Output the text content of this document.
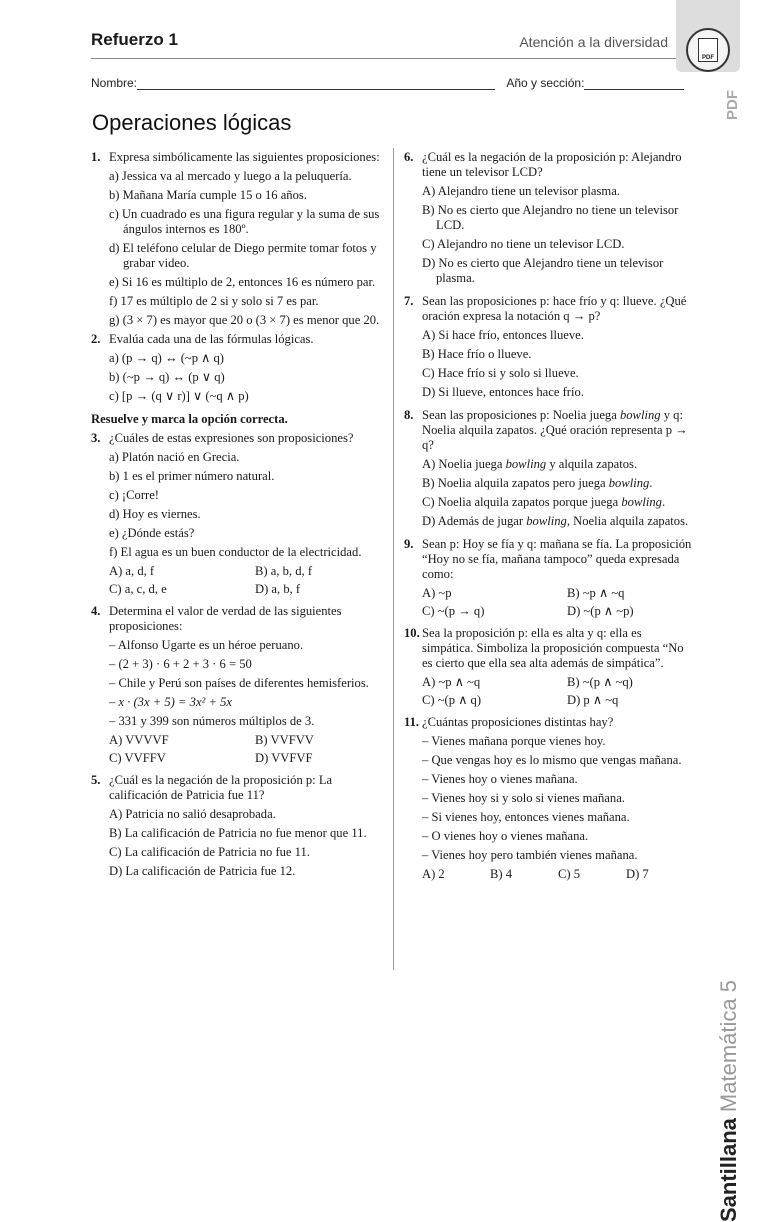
Refuerzo 1	Atención a la diversidad
PDF
PDF
Nombre:	Año y sección:
Operaciones lógicas
1. Expresa simbólicamente las siguientes proposiciones:
a) Jessica va al mercado y luego a la peluquería.
b) Mañana María cumple 15 o 16 años.
c) Un cuadrado es una figura regular y la suma de sus ángulos internos es 180º.
d) El teléfono celular de Diego permite tomar fotos y grabar video.
e) Si 16 es múltiplo de 2, entonces 16 es número par.
f) 17 es múltiplo de 2 si y solo si 7 es par.
g) (3 × 7) es mayor que 20 o (3 × 7) es menor que 20.
2. Evalúa cada una de las fórmulas lógicas.
a) (p → q) ↔ (~p ∧ q)
b) (~p → q) ↔ (p ∨ q)
c) [p → (q ∨ r)] ∨ (~q ∧ p)
Resuelve y marca la opción correcta.
3. ¿Cuáles de estas expresiones son proposiciones?
a) Platón nació en Grecia.
b) 1 es el primer número natural.
c) ¡Corre!
d) Hoy es viernes.
e) ¿Dónde estás?
f) El agua es un buen conductor de la electricidad.
A) a, d, f	B) a, b, d, f
C) a, c, d, e	D) a, b, f
4. Determina el valor de verdad de las siguientes proposiciones:
– Alfonso Ugarte es un héroe peruano.
– (2 + 3) · 6 + 2 + 3 · 6 = 50
– Chile y Perú son países de diferentes hemisferios.
– x · (3x + 5) = 3x² + 5x
– 331 y 399 son números múltiplos de 3.
A) VVVVF	B) VVFVV
C) VVFFV	D) VVFVF
5. ¿Cuál es la negación de la proposición p: La calificación de Patricia fue 11?
A) Patricia no salió desaprobada.
B) La calificación de Patricia no fue menor que 11.
C) La calificación de Patricia no fue 11.
D) La calificación de Patricia fue 12.
6. ¿Cuál es la negación de la proposición p: Alejandro tiene un televisor LCD?
A) Alejandro tiene un televisor plasma.
B) No es cierto que Alejandro no tiene un televisor LCD.
C) Alejandro no tiene un televisor LCD.
D) No es cierto que Alejandro tiene un televisor plasma.
7. Sean las proposiciones p: hace frío y q: llueve. ¿Qué oración expresa la notación q → p?
A) Si hace frío, entonces llueve.
B) Hace frío o llueve.
C) Hace frío si y solo si llueve.
D) Si llueve, entonces hace frío.
8. Sean las proposiciones p: Noelia juega bowling y q: Noelia alquila zapatos. ¿Qué oración representa p → q?
A) Noelia juega bowling y alquila zapatos.
B) Noelia alquila zapatos pero juega bowling.
C) Noelia alquila zapatos porque juega bowling.
D) Además de jugar bowling, Noelia alquila zapatos.
9. Sean p: Hoy se fía y q: mañana se fía. La proposición “Hoy no se fía, mañana tampoco” queda expresada como:
A) ~p	B) ~p ∧ ~q
C) ~(p → q)	D) ~(p ∧ ~p)
10. Sea la proposición p: ella es alta y q: ella es simpática. Simboliza la proposición compuesta “No es cierto que ella sea alta además de simpática”.
A) ~p ∧ ~q	B) ~(p ∧ ~q)
C) ~(p ∧ q)	D) p ∧ ~q
11. ¿Cuántas proposiciones distintas hay?
– Vienes mañana porque vienes hoy.
– Que vengas hoy es lo mismo que vengas mañana.
– Vienes hoy o vienes mañana.
– Vienes hoy si y solo si vienes mañana.
– Si vienes hoy, entonces vienes mañana.
– O vienes hoy o vienes mañana.
– Vienes hoy pero también vienes mañana.
A) 2	B) 4	C) 5	D) 7
SantillanaMatemática 5
